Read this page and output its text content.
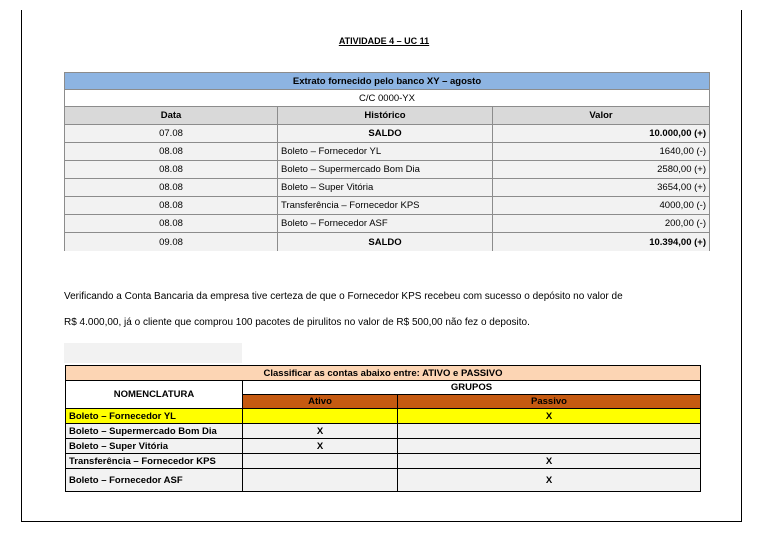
ATIVIDADE 4 – UC 11
Extrato fornecido pelo banco XY – agosto		
C/C 0000-YX		
Data	Histórico	Valor
07.08	SALDO	10.000,00 (+)
08.08	Boleto – Fornecedor YL	1640,00 (-)
08.08	Boleto – Supermercado Bom Dia	2580,00 (+)
08.08	Boleto – Super Vitória	3654,00 (+)
08.08	Transferência – Fornecedor KPS	4000,00 (-)
08.08	Boleto – Fornecedor ASF	200,00 (-)
09.08	SALDO	10.394,00 (+)

Verificando a Conta Bancaria da empresa tive certeza de que o Fornecedor KPS recebeu com sucesso o depósito no valor de

R$ 4.000,00, já o cliente que comprou 100 pacotes de pirulitos no valor de R$ 500,00 não fez o deposito.

Classificar as contas abaixo entre: ATIVO e PASSIVO		
NOMENCLATURA	GRUPOS	
	Ativo	Passivo
Boleto – Fornecedor YL		X
Boleto – Supermercado Bom Dia	X	
Boleto – Super Vitória	X	
Transferência – Fornecedor KPS		X
Boleto – Fornecedor ASF		X
